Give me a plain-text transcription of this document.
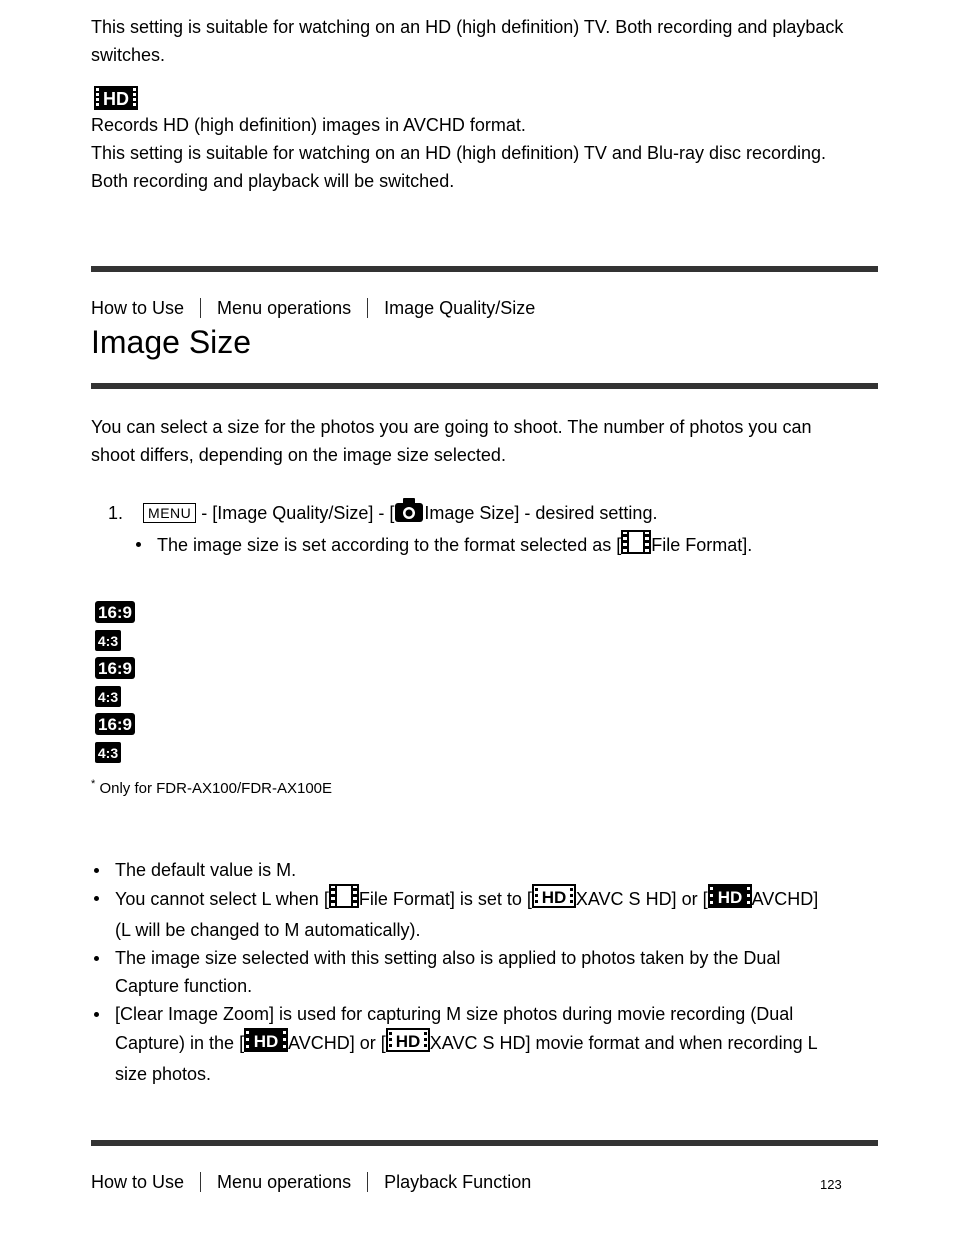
This setting is suitable for watching on an HD (high definition) TV. Both recording and playback
switches.
HD
Records HD (high definition) images in AVCHD format.
This setting is suitable for watching on an HD (high definition) TV and Blu-ray disc recording.
Both recording and playback will be switched.
How to Use Menu operations Image Quality/Size
Image Size
You can select a size for the photos you are going to shoot. The number of photos you can
shoot differs, depending on the image size selected.
1. MENU - [Image Quality/Size] - [ Image Size] - desired setting.
The image size is set according to the format selected as [ File Format].
16:9
4:3
16:9
4:3
16:9
4:3
* Only for FDR-AX100/FDR-AX100E
The default value is M.
You cannot select L when [ File Format] is set to [ HD XAVC S HD] or [ HD AVCHD]
(L will be changed to M automatically).
The image size selected with this setting also is applied to photos taken by the Dual
Capture function.
[Clear Image Zoom] is used for capturing M size photos during movie recording (Dual
Capture) in the [ HD AVCHD] or [ HD XAVC S HD] movie format and when recording L
size photos.
How to Use Menu operations Playback Function	123
